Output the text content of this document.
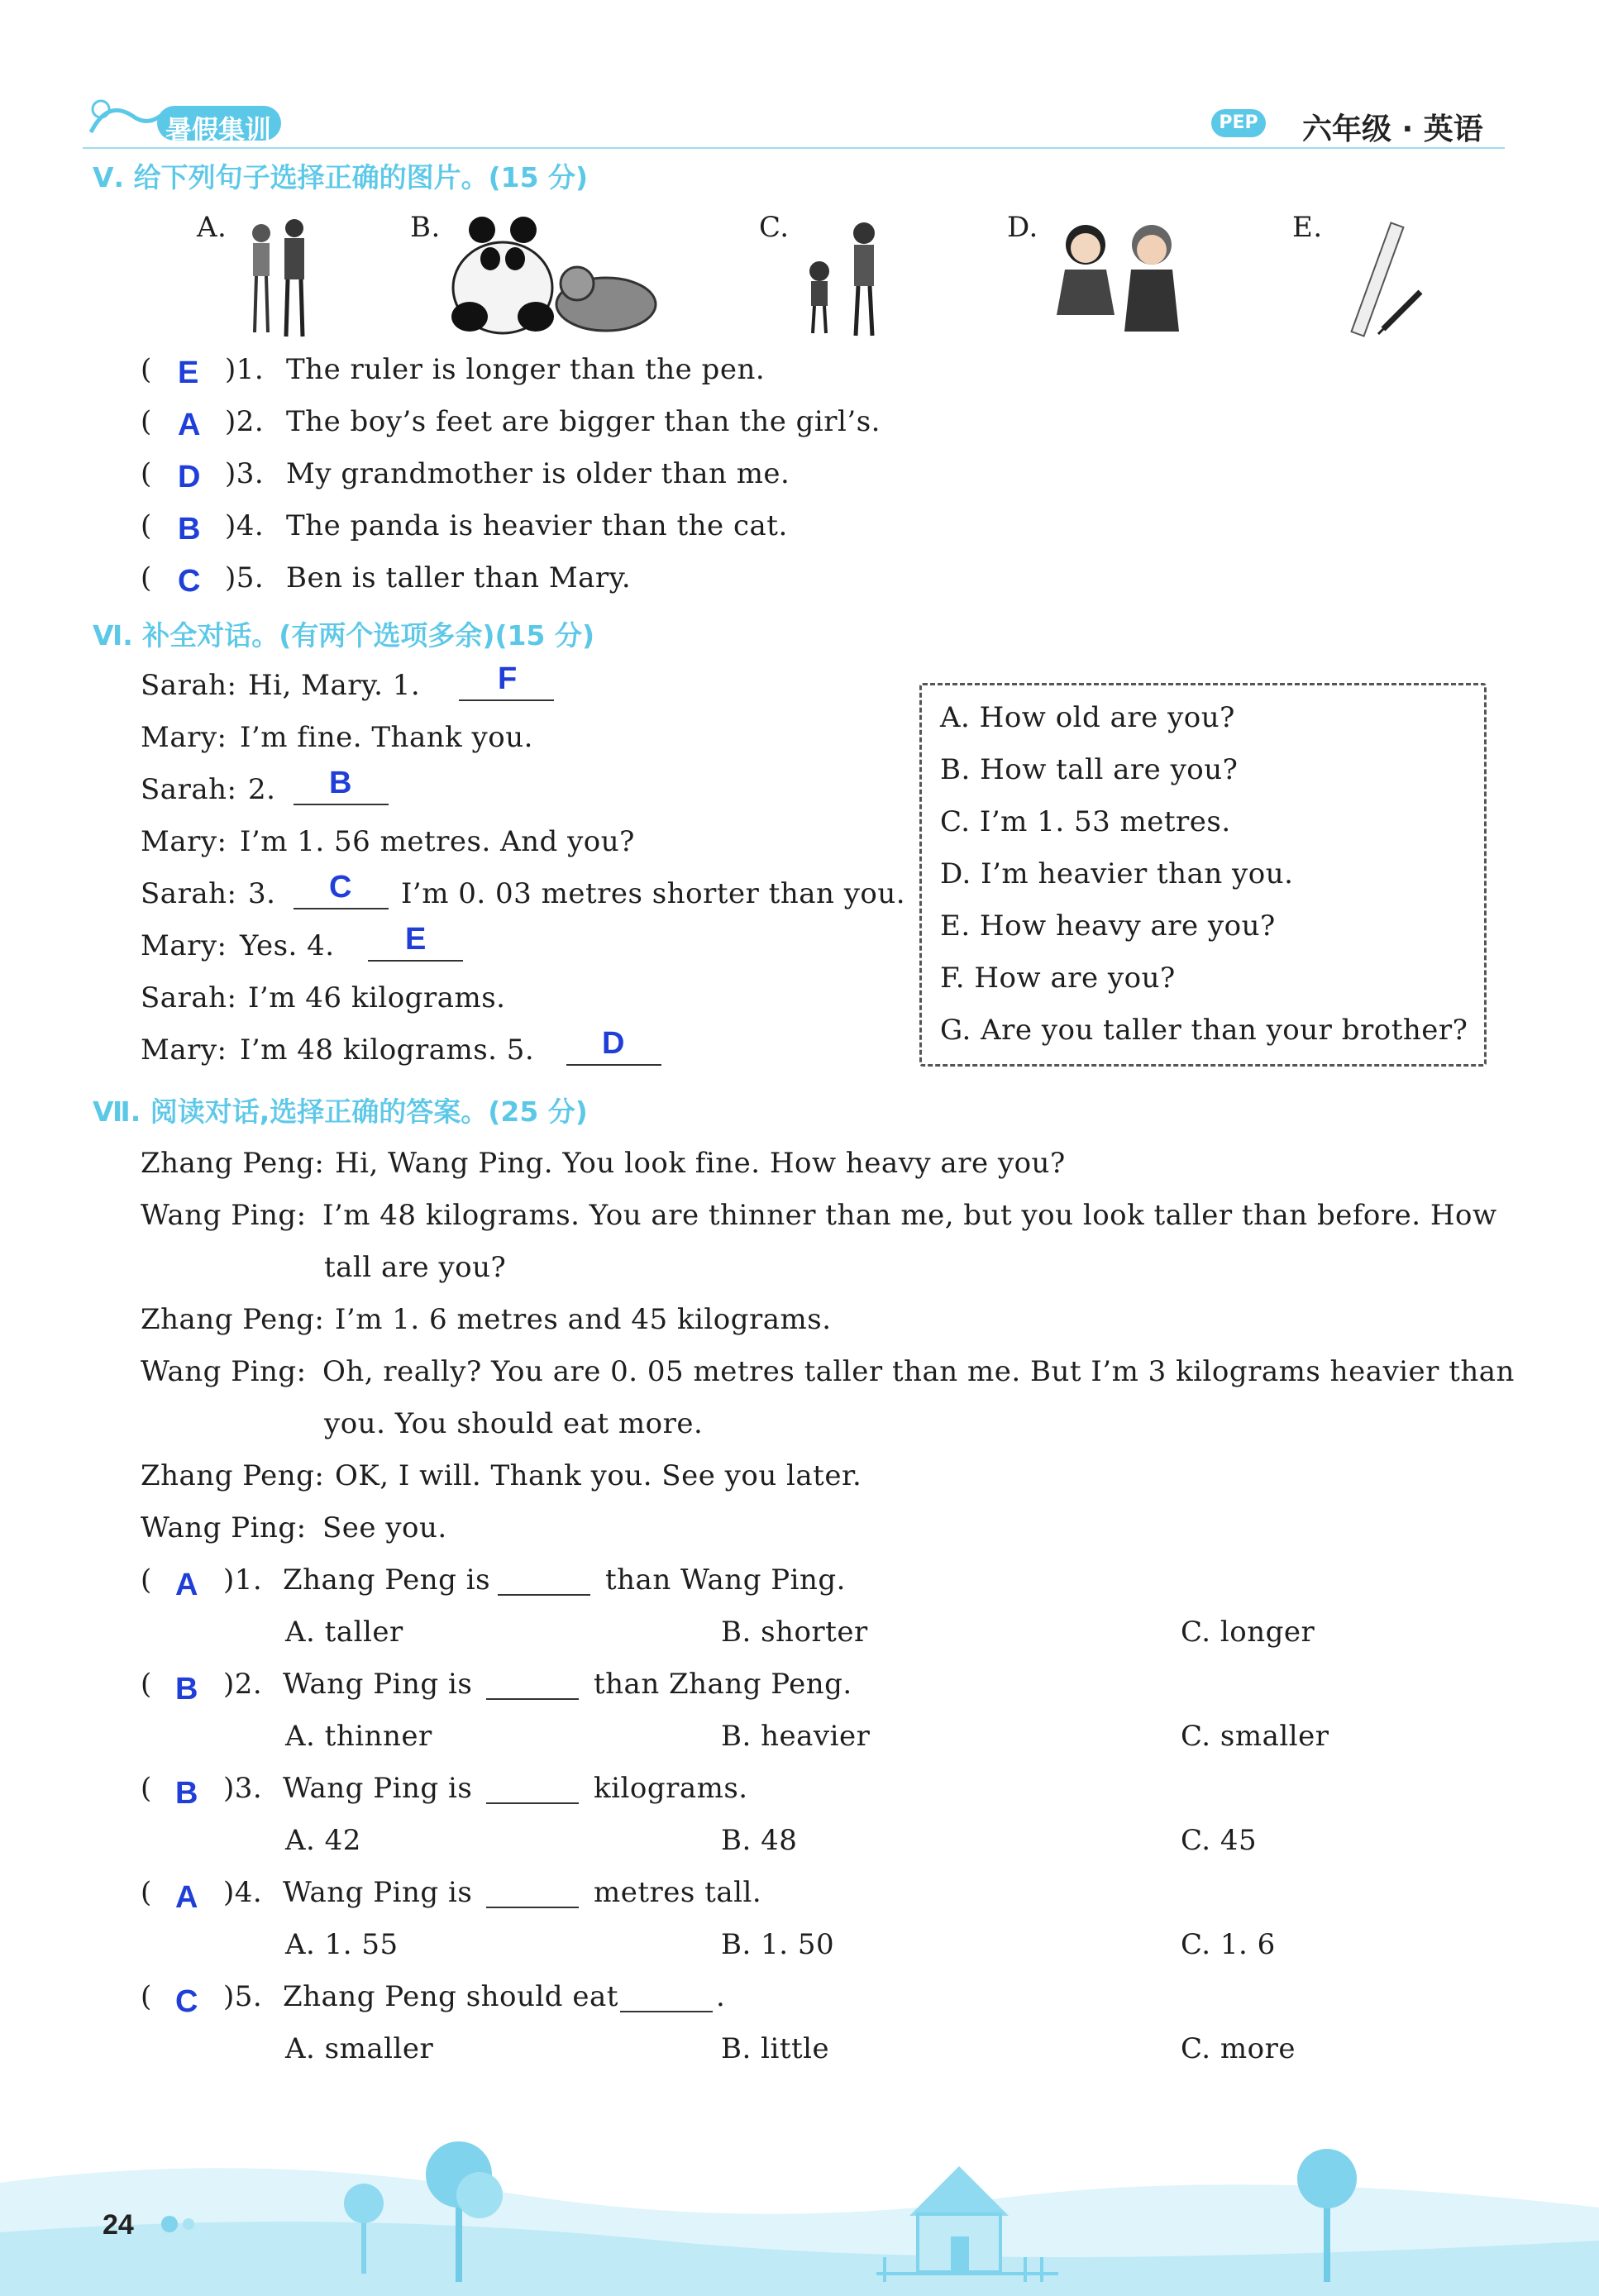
暑假集训	PEP 六年级 · 英语
Ⅴ. 给下列句子选择正确的图片。(15 分)
A.	B.	C.	D.	E.
( E )1. The ruler is longer than the pen.
( A )2. The boy’s feet are bigger than the girl’s.
( D )3. My grandmother is older than me.
( B )4. The panda is heavier than the cat.
( C )5. Ben is taller than Mary.
Ⅵ. 补全对话。(有两个选项多余)(15 分)
Sarah: Hi, Mary. 1. F
Mary: I’m fine. Thank you.
Sarah: 2. B
Mary: I’m 1. 56 metres. And you?
Sarah: 3. C I’m 0. 03 metres shorter than you.
Mary: Yes. 4. E
Sarah: I’m 46 kilograms.
Mary: I’m 48 kilograms. 5. D
A. How old are you?
B. How tall are you?
C. I’m 1. 53 metres.
D. I’m heavier than you.
E. How heavy are you?
F. How are you?
G. Are you taller than your brother?
Ⅶ. 阅读对话,选择正确的答案。(25 分)
Zhang Peng: Hi, Wang Ping. You look fine. How heavy are you?
Wang Ping: I’m 48 kilograms. You are thinner than me, but you look taller than before. How
tall are you?
Zhang Peng: I’m 1. 6 metres and 45 kilograms.
Wang Ping: Oh, really? You are 0. 05 metres taller than me. But I’m 3 kilograms heavier than
you. You should eat more.
Zhang Peng: OK, I will. Thank you. See you later.
Wang Ping: See you.
( A )1. Zhang Peng is	than Wang Ping.
A. taller	B. shorter	C. longer
( B )2. Wang Ping is	than Zhang Peng.
A. thinner	B. heavier	C. smaller
( B )3. Wang Ping is	kilograms.
A. 42	B. 48	C. 45
( A )4. Wang Ping is	metres tall.
A. 1. 55	B. 1. 50	C. 1. 6
( C )5. Zhang Peng should eat	.
A. smaller	B. little	C. more
24
